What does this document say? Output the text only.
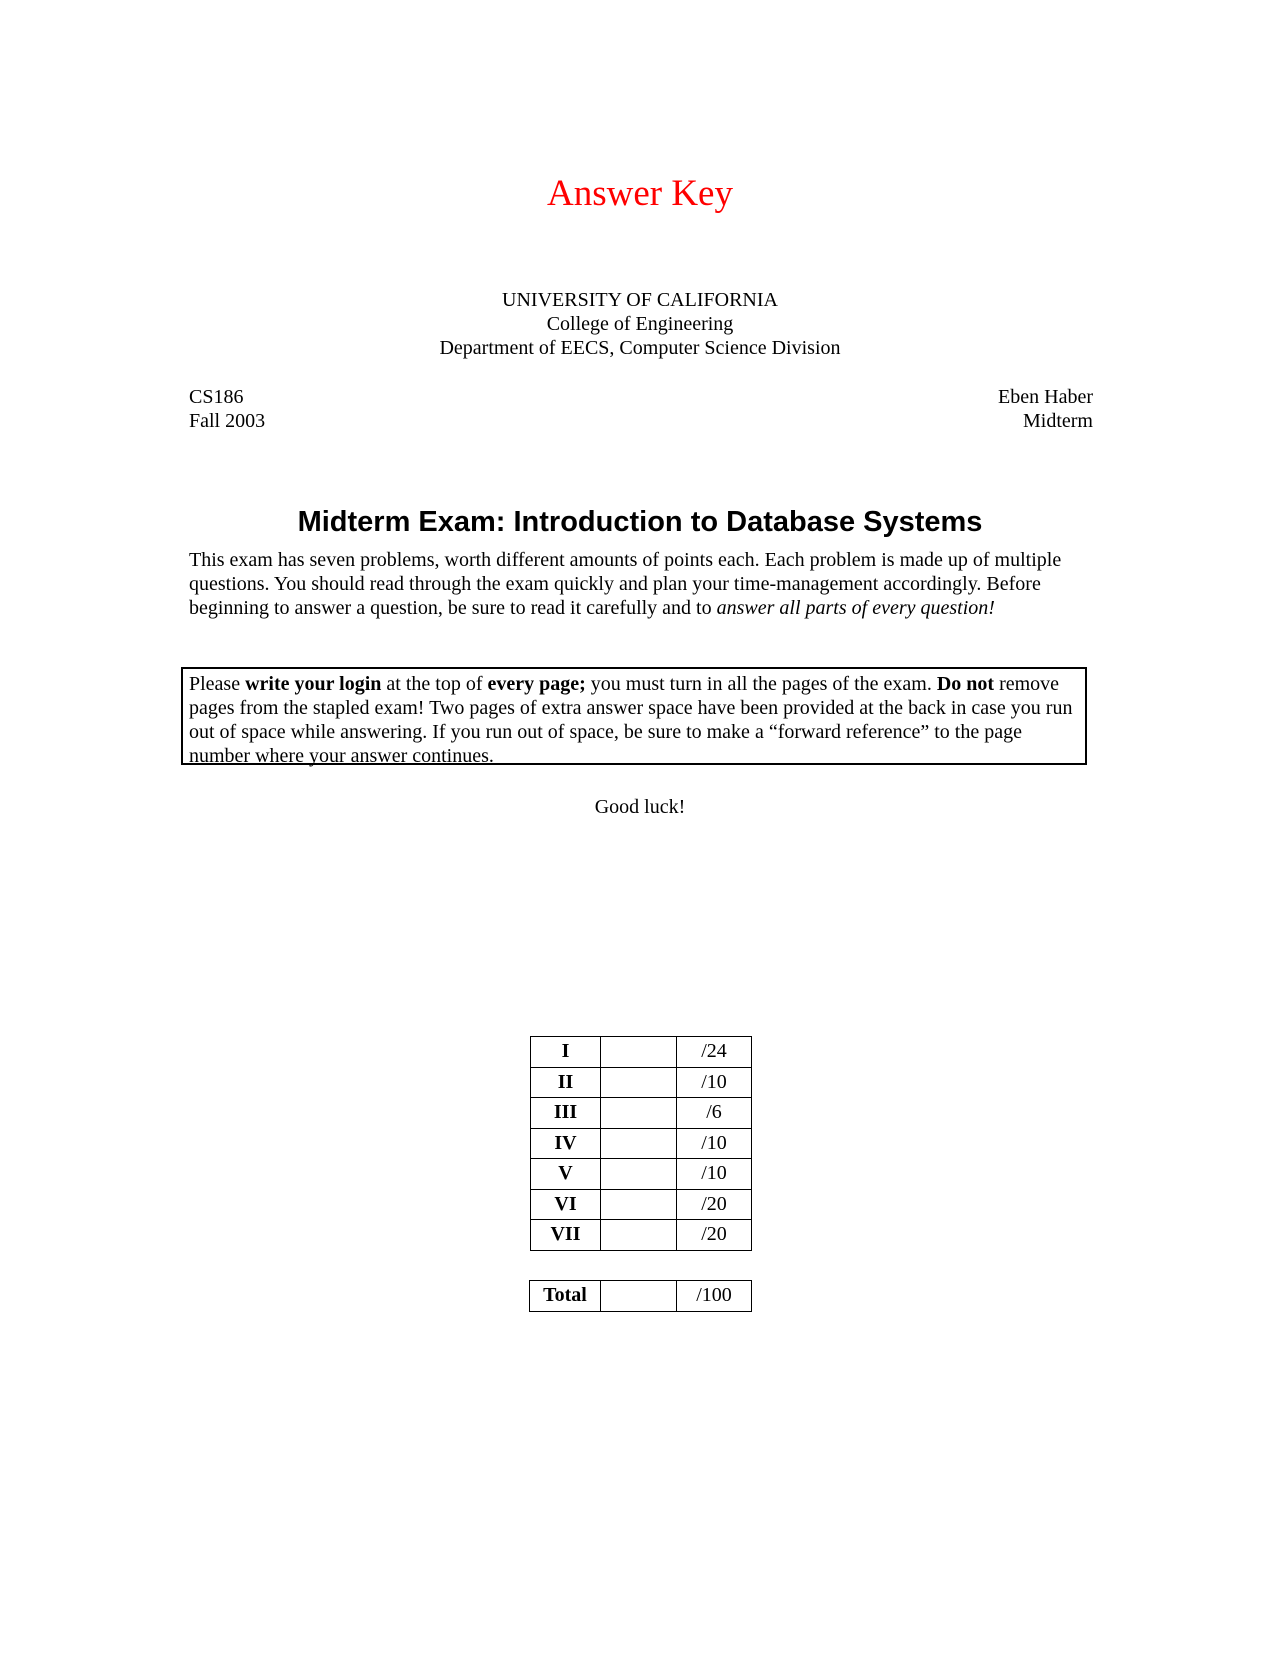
Answer Key
UNIVERSITY OF CALIFORNIA
College of Engineering
Department of EECS, Computer Science Division
CS186
Fall 2003
Eben Haber
Midterm
Midterm Exam: Introduction to Database Systems
This exam has seven problems, worth different amounts of points each. Each problem is made up of multiple questions. You should read through the exam quickly and plan your time-management accordingly. Before beginning to answer a question, be sure to read it carefully and to answer all parts of every question!
Please write your login at the top of every page; you must turn in all the pages of the exam. Do not remove pages from the stapled exam! Two pages of extra answer space have been provided at the back in case you run out of space while answering. If you run out of space, be sure to make a “forward reference” to the page number where your answer continues.
Good luck!
I		/24
II		/10
III		/6
IV		/10
V		/10
VI		/20
VII		/20
Total		/100
